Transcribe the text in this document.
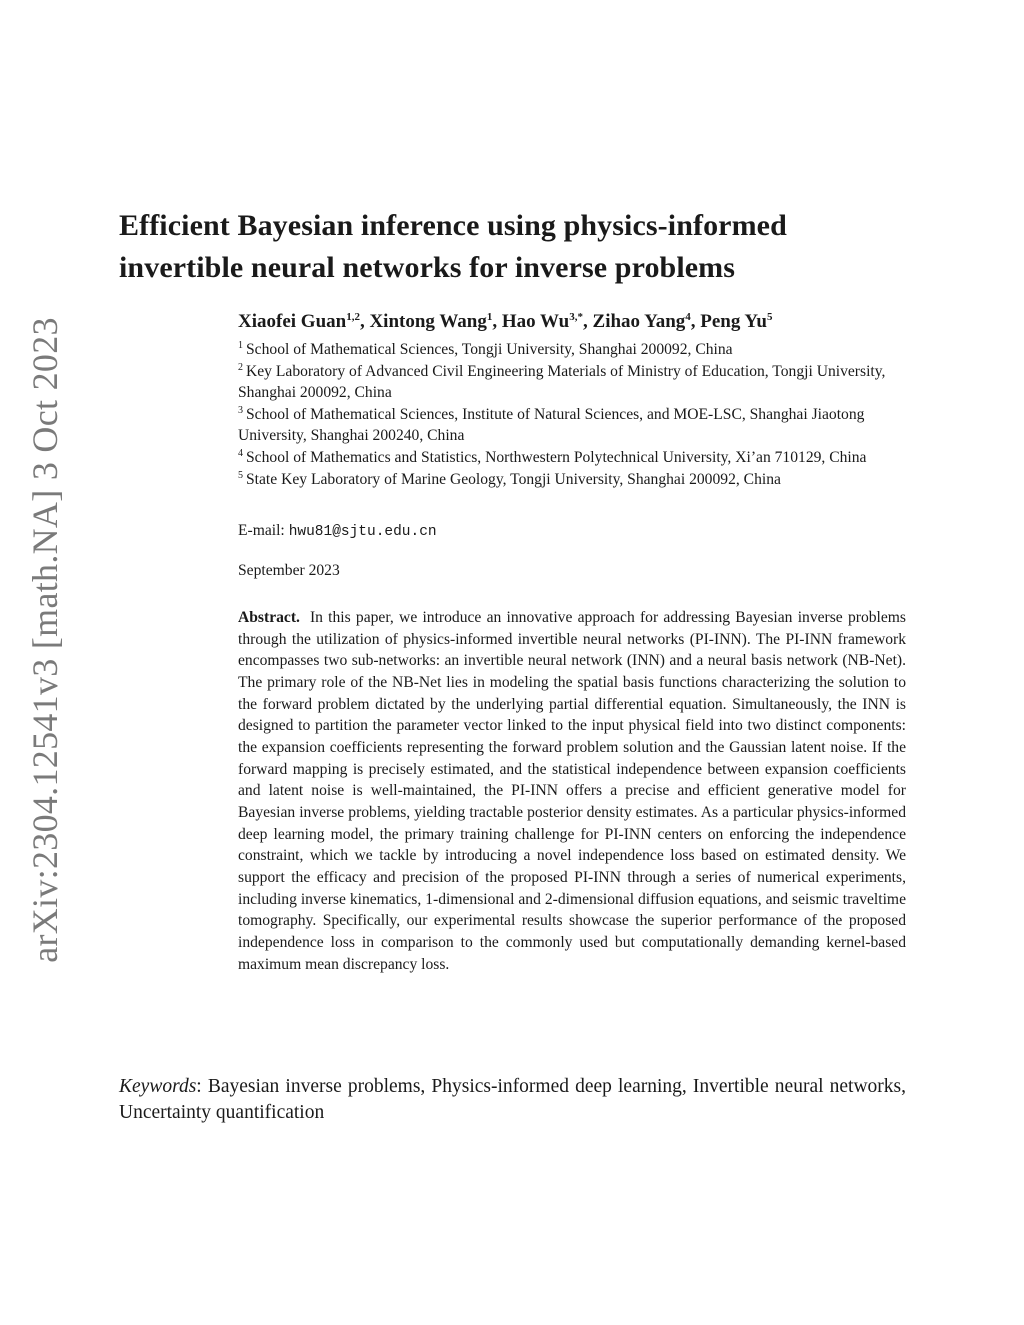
arXiv:2304.12541v3 [math.NA] 3 Oct 2023
Efficient Bayesian inference using physics-informed
invertible neural networks for inverse problems

Xiaofei Guan$^{1,2}$, Xintong Wang$^1$, Hao $Wu^{3,*}$, Zihao Yang$^4$, Peng Yu$^5$

$^1$ School of Mathematical Sciences, Tongji University, Shanghai 200092, China

$^2$ Key Laboratory of Advanced Civil Engineering Materials of Ministry of Education, Tongji University, Shanghai 200092, China

$^3$ School of Mathematical Sciences, Institute of Natural Sciences, and MOE-LSC, Shanghai Jiaotong University, Shanghai 200240, China

$^4$ School of Mathematics and Statistics, Northwestern Polytechnical University, Xi’an 710129, China

$^5$ State Key Laboratory of Marine Geology, Tongji University, Shanghai 200092, China

E-mail: hwu81@sjtu.edu.cn
September 2023

Abstract. In this paper, we introduce an innovative approach for addressing Bayesian inverse problems through the utilization of physics-informed invertible neural networks (PI-INN). The PI-INN framework encompasses two sub-networks: an invertible neural network (INN) and a neural basis network (NB-Net). The primary role of the NB-Net lies in modeling the spatial basis functions characterizing the solution to the forward problem dictated by the underlying partial differential equation. Simultaneously, the INN is designed to partition the parameter vector linked to the input physical field into two distinct components: the expansion coefficients representing the forward problem solution and the Gaussian latent noise. If the forward mapping is precisely estimated, and the statistical independence between expansion coefficients and latent noise is well-maintained, the PI-INN offers a precise and efficient generative model for Bayesian inverse problems, yielding tractable posterior density estimates. As a particular physics-informed deep learning model, the primary training challenge for PI-INN centers on enforcing the independence constraint, which we tackle by introducing a novel independence loss based on estimated density. We support the efficacy and precision of the proposed PI-INN through a series of numerical experiments, including inverse kinematics, 1-dimensional and 2-dimensional diffusion equations, and seismic traveltime tomography. Specifically, our experimental results showcase the superior performance of the proposed independence loss in comparison to the commonly used but computationally demanding kernel-based maximum mean discrepancy loss.

Keywords: Bayesian inverse problems, Physics-informed deep learning, Invertible neural networks, Uncertainty quantification
